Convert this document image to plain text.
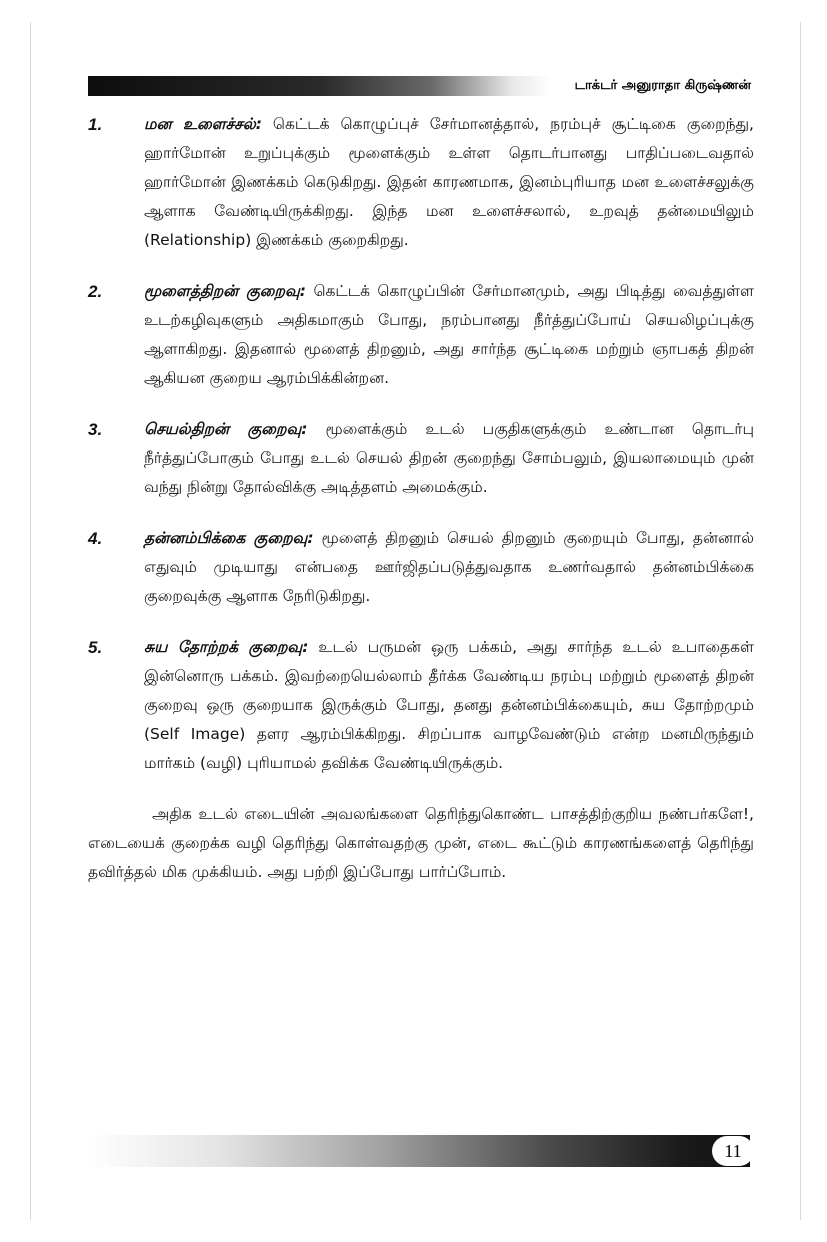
டாக்டர் அனுராதா கிருஷ்ணன்
1.	மன உளைச்சல்: கெட்டக் கொழுப்புச் சேர்மானத்தால், நரம்புச் சூட்டிகை குறைந்து, ஹார்மோன் உறுப்புக்கும் மூளைக்கும் உள்ள தொடர்பானது பாதிப்படைவதால் ஹார்மோன் இணக்கம் கெடுகிறது. இதன் காரணமாக, இனம்புரியாத மன உளைச்சலுக்கு ஆளாக வேண்டியிருக்கிறது. இந்த மன உளைச்சலால், உறவுத் தன்மையிலும் (Relationship) இணக்கம் குறைகிறது.
2.	மூளைத்திறன் குறைவு: கெட்டக் கொழுப்பின் சேர்மானமும், அது பிடித்து வைத்துள்ள உடற்கழிவுகளும் அதிகமாகும் போது, நரம்பானது நீர்த்துப்போய் செயலிழப்புக்கு ஆளாகிறது. இதனால் மூளைத் திறனும், அது சார்ந்த சூட்டிகை மற்றும் ஞாபகத் திறன் ஆகியன குறைய ஆரம்பிக்கின்றன.
3.	செயல்திறன் குறைவு: மூளைக்கும் உடல் பகுதிகளுக்கும் உண்டான தொடர்பு நீர்த்துப்போகும் போது உடல் செயல் திறன் குறைந்து சோம்பலும், இயலாமையும் முன் வந்து நின்று தோல்விக்கு அடித்தளம் அமைக்கும்.
4.	தன்னம்பிக்கை குறைவு: மூளைத் திறனும் செயல் திறனும் குறையும் போது, தன்னால் எதுவும் முடியாது என்பதை ஊர்ஜிதப்படுத்துவதாக உணர்வதால் தன்னம்பிக்கை குறைவுக்கு ஆளாக நேரிடுகிறது.
5.	சுய தோற்றக் குறைவு: உடல் பருமன் ஒரு பக்கம், அது சார்ந்த உடல் உபாதைகள் இன்னொரு பக்கம். இவற்றையெல்லாம் தீர்க்க வேண்டிய நரம்பு மற்றும் மூளைத் திறன் குறைவு ஒரு குறையாக இருக்கும் போது, தனது தன்னம்பிக்கையும், சுய தோற்றமும் (Self Image) தளர ஆரம்பிக்கிறது. சிறப்பாக வாழவேண்டும் என்ற மனமிருந்தும் மார்கம் (வழி) புரியாமல் தவிக்க வேண்டியிருக்கும்.

அதிக உடல் எடையின் அவலங்களை தெரிந்துகொண்ட பாசத்திற்குறிய நண்பர்களே!, எடையைக் குறைக்க வழி தெரிந்து கொள்வதற்கு முன், எடை கூட்டும் காரணங்களைத் தெரிந்து தவிர்த்தல் மிக முக்கியம். அது பற்றி இப்போது பார்ப்போம்.

11
